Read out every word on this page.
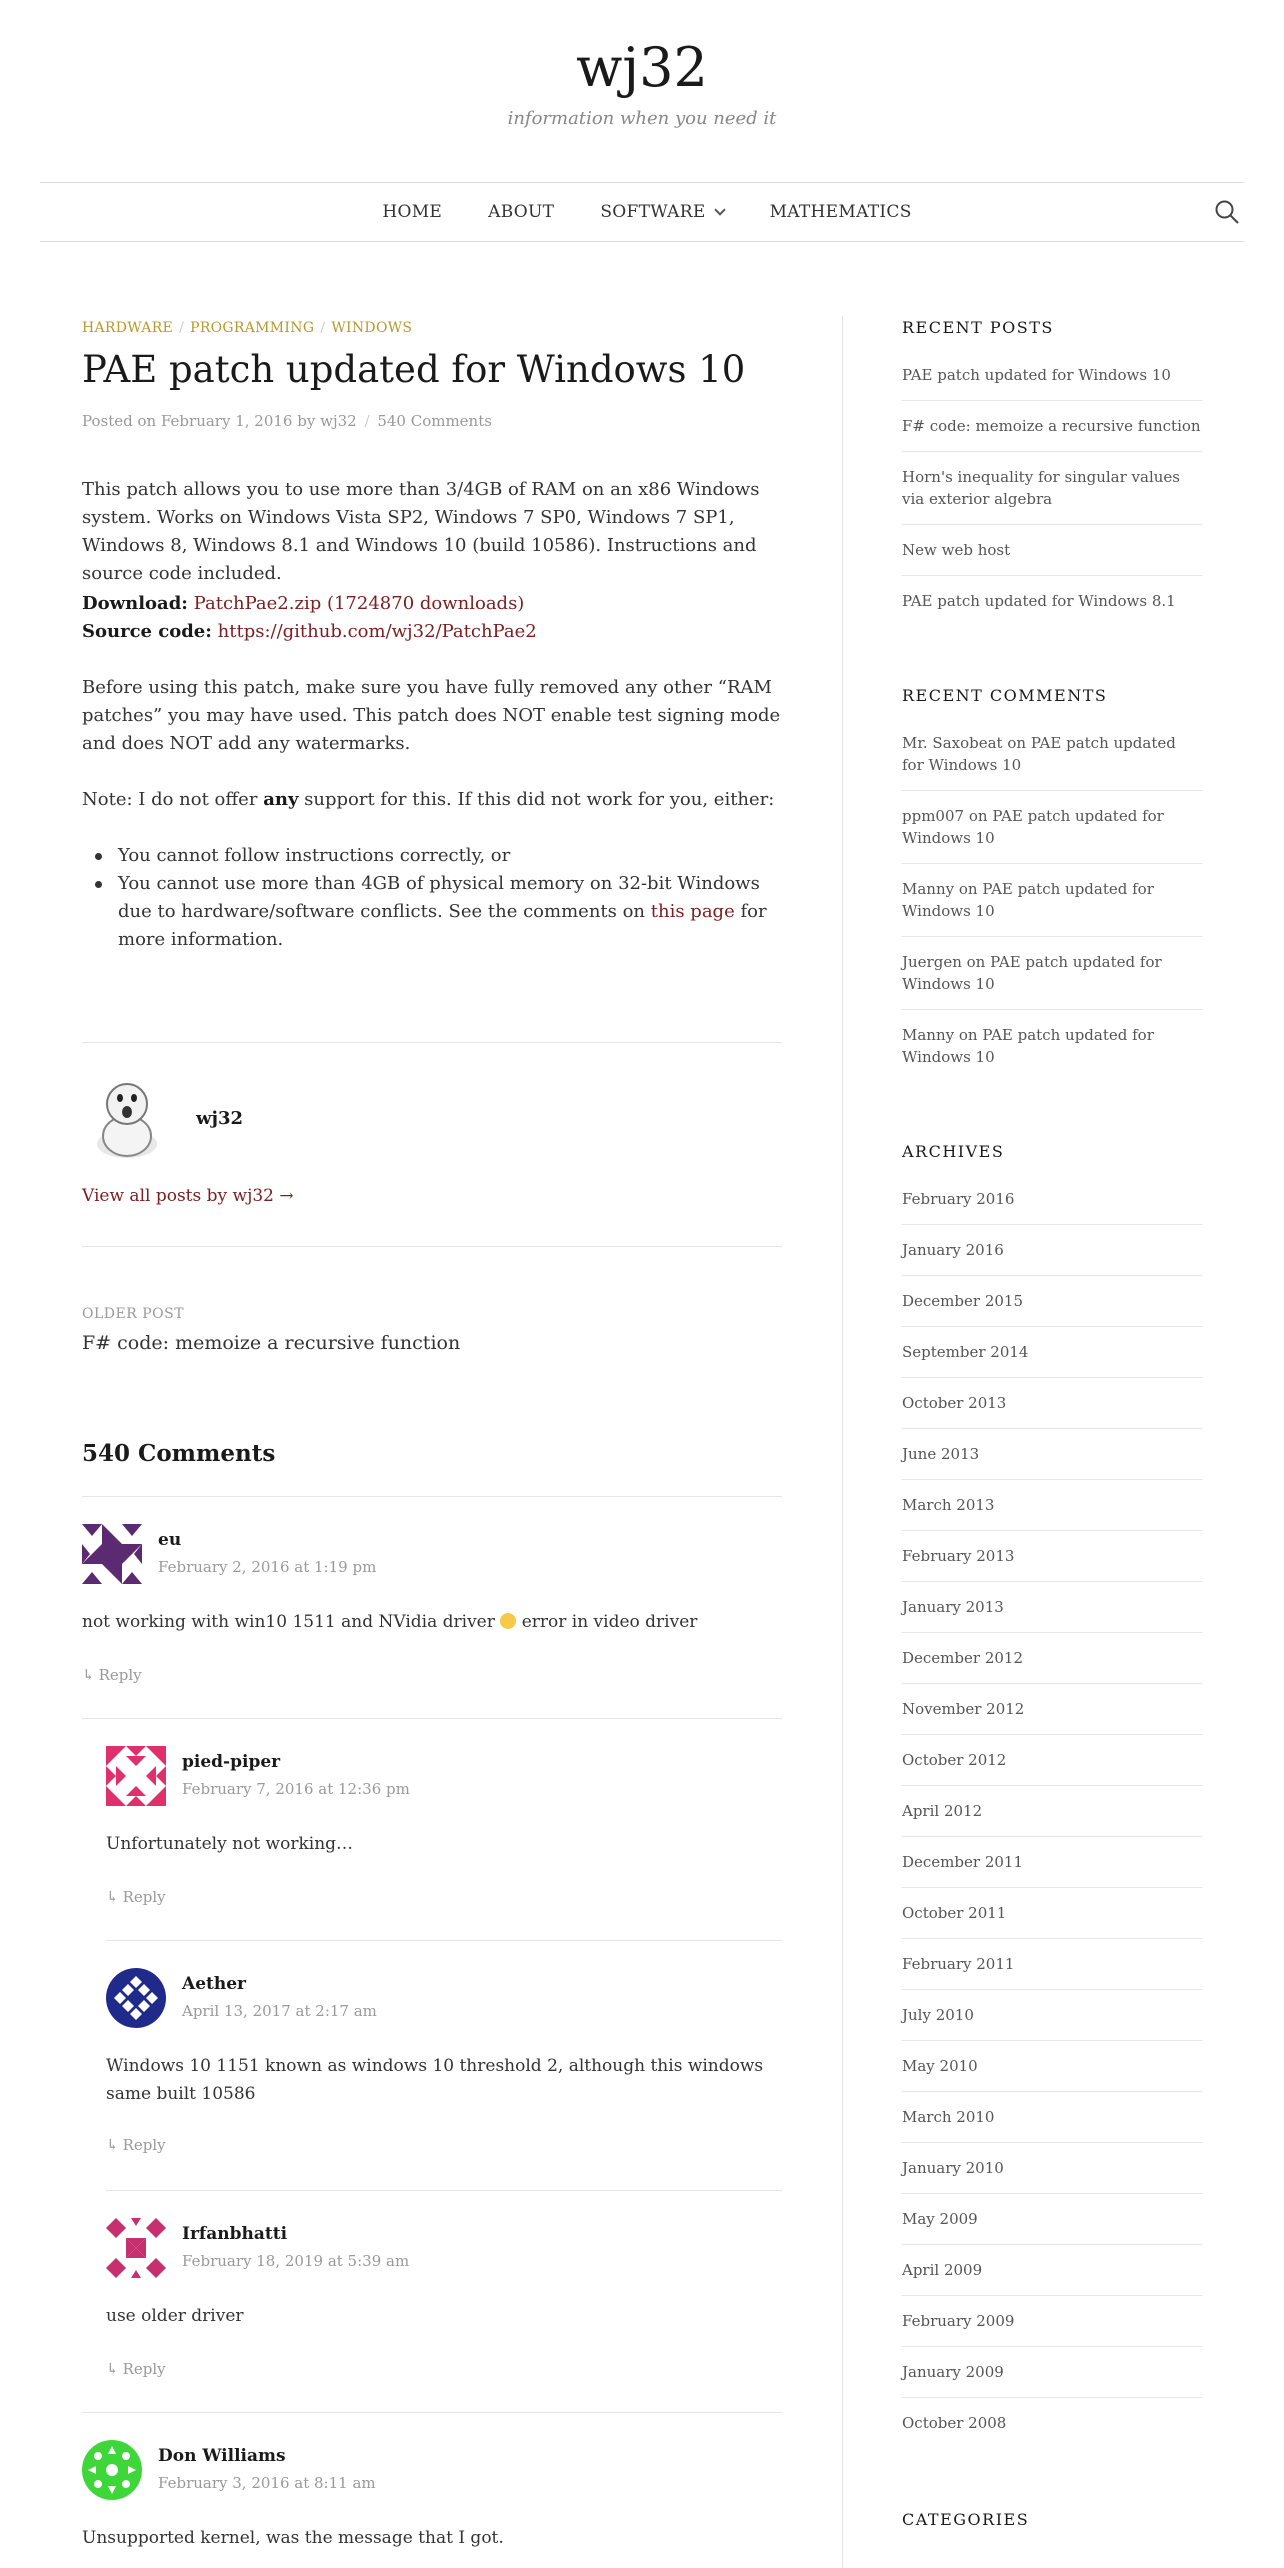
wj32
information when you need it
HOME	ABOUT	SOFTWARE	MATHEMATICS
HARDWARE / PROGRAMMING / WINDOWS
PAE patch updated for Windows 10
Posted on February 1, 2016 by wj32 / 540 Comments

This patch allows you to use more than 3/4GB of RAM on an x86 Windows system. Works on Windows Vista SP2, Windows 7 SP0, Windows 7 SP1, Windows 8, Windows 8.1 and Windows 10 (build 10586). Instructions and source code included.

Download: PatchPae2.zip (1724870 downloads)
Source code: https://github.com/wj32/PatchPae2

Before using this patch, make sure you have fully removed any other “RAM patches” you may have used. This patch does NOT enable test signing mode and does NOT add any watermarks.

Note: I do not offer any support for this. If this did not work for you, either:

You cannot follow instructions correctly, or
You cannot use more than 4GB of physical memory on 32-bit Windows due to hardware/software conflicts. See the comments on this page for more information.
wj32
View all posts by wj32 →
OLDER POST
F# code: memoize a recursive function
540 Comments
eu
February 2, 2016 at 1:19 pm
not working with win10 1511 and NVidia driver error in video driver
↳ Reply
pied-piper
February 7, 2016 at 12:36 pm
Unfortunately not working…
↳ Reply
Aether
April 13, 2017 at 2:17 am
Windows 10 1151 known as windows 10 threshold 2, although this windows same built 10586
↳ Reply
Irfanbhatti
February 18, 2019 at 5:39 am
use older driver
↳ Reply
Don Williams
February 3, 2016 at 8:11 am
Unsupported kernel, was the message that I got.
RECENT POSTS
PAE patch updated for Windows 10
F# code: memoize a recursive function
Horn's inequality for singular values via exterior algebra
New web host
PAE patch updated for Windows 8.1
RECENT COMMENTS
Mr. Saxobeat on PAE patch updated for Windows 10
ppm007 on PAE patch updated for Windows 10
Manny on PAE patch updated for Windows 10
Juergen on PAE patch updated for Windows 10
Manny on PAE patch updated for Windows 10
ARCHIVES
February 2016
January 2016
December 2015
September 2014
October 2013
June 2013
March 2013
February 2013
January 2013
December 2012
November 2012
October 2012
April 2012
December 2011
October 2011
February 2011
July 2010
May 2010
March 2010
January 2010
May 2009
April 2009
February 2009
January 2009
October 2008
CATEGORIES
